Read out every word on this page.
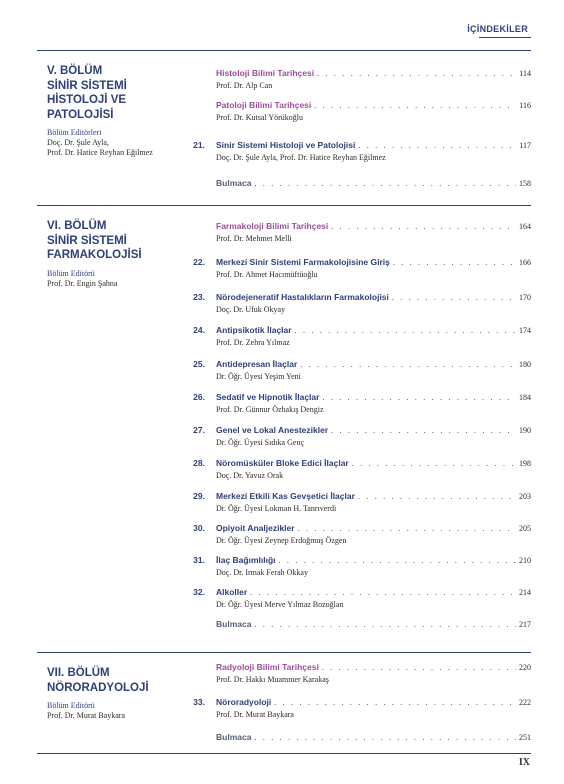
İÇİNDEKİLER
V. BÖLÜM
SİNİR SİSTEMİ
HİSTOLOJİ VE
PATOLOJİSİ
Bölüm Editörleri
Doç. Dr. Şule Ayla,
Prof. Dr. Hatice Reyhan Eğilmez
Histoloji Bilimi Tarihçesi . . .	114
Prof. Dr. Alp Can
Patoloji Bilimi Tarihçesi . . .	116
Prof. Dr. Kutsal Yörükoğlu
21. Sinir Sistemi Histoloji ve Patolojisi . . .	117
Doç. Dr. Şule Ayla, Prof. Dr. Hatice Reyhan Eğilmez
Bulmaca . . .	158
VI. BÖLÜM
SİNİR SİSTEMİ
FARMAKOLOJİSİ
Bölüm Editörü
Prof. Dr. Engin Şahna
Farmakoloji Bilimi Tarihçesi . . .	164
Prof. Dr. Mehmet Melli
22. Merkezi Sinir Sistemi Farmakolojisine Giriş . . .	166
Prof. Dr. Ahmet Hacımüftüoğlu
23. Nörodejeneratif Hastalıkların Farmakolojisi . . .	170
Doç. Dr. Ufuk Okyay
24. Antipsikotik İlaçlar . . .	174
Prof. Dr. Zehra Yılmaz
25. Antidepresan İlaçlar . . .	180
Dr. Öğr. Üyesi Yeşim Yeni
26. Sedatif ve Hipnotik İlaçlar . . .	184
Prof. Dr. Günnur Özbakış Dengiz
27. Genel ve Lokal Anestezikler . . .	190
Dr. Öğr. Üyesi Sıdıka Genç
28. Nöromüsküler Bloke Edici İlaçlar . . .	198
Doç. Dr. Yavuz Orak
29. Merkezi Etkili Kas Gevşetici İlaçlar . . .	203
Dr. Öğr. Üyesi Lokman H. Tanrıverdi
30. Opiyoit Analjezikler . . .	205
Dr. Öğr. Üyesi Zeynep Erdoğmuş Özgen
31. İlaç Bağımlılığı . . .	210
Doç. Dr. Irmak Ferah Okkay
32. Alkoller . . .	214
Dr. Öğr. Üyesi Merve Yılmaz Bozoğlan
Bulmaca . . .	217
VII. BÖLÜM
NÖRORADYOLOJİ
Bölüm Editörü
Prof. Dr. Murat Baykara
Radyoloji Bilimi Tarihçesi . . .	220
Prof. Dr. Hakkı Muammer Karakaş
33. Nöroradyoloji . . .	222
Prof. Dr. Murat Baykara
Bulmaca . . .	251
IX
